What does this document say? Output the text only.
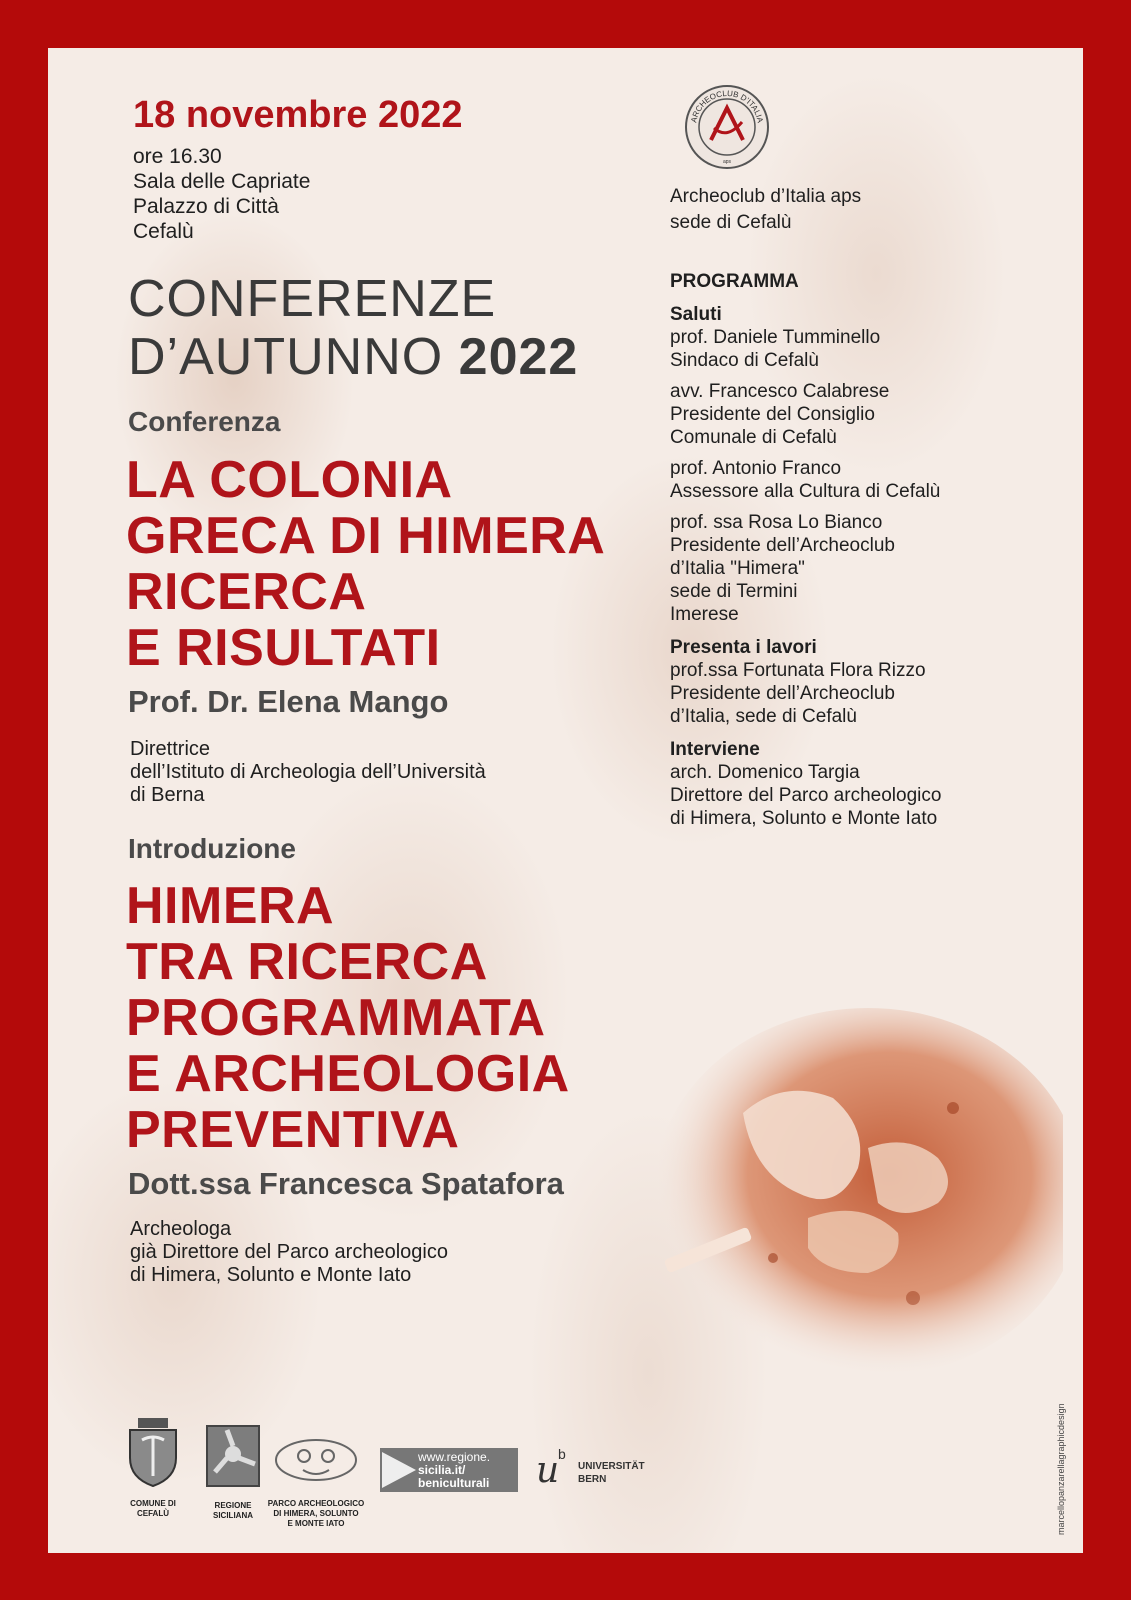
18 novembre 2022
ore 16.30
Sala delle Capriate
Palazzo di Città
Cefalù
CONFERENZE
D’AUTUNNO 2022
Conferenza
LA COLONIA
GRECA DI HIMERA
RICERCA
E RISULTATI
Prof. Dr. Elena Mango
Direttrice
dell’Istituto di Archeologia dell’Università
di Berna
Introduzione
HIMERA
TRA RICERCA
PROGRAMMATA
E ARCHEOLOGIA
PREVENTIVA
Dott.ssa Francesca Spatafora
Archeologa
già Direttore del Parco archeologico
di Himera, Solunto e Monte Iato
ARCHEOCLUB D’ITALIA
aps
Archeoclub d’Italia aps
sede di Cefalù
PROGRAMMA
Saluti
prof. Daniele Tumminello
Sindaco di Cefalù
avv. Francesco Calabrese
Presidente del Consiglio
Comunale di Cefalù
prof. Antonio Franco
Assessore alla Cultura di Cefalù
prof. ssa Rosa Lo Bianco
Presidente dell’Archeoclub
d’Italia "Himera"
sede di Termini
Imerese
Presenta i lavori
prof.ssa Fortunata Flora Rizzo
Presidente dell’Archeoclub
d’Italia, sede di Cefalù
Interviene
arch. Domenico Targia
Direttore del Parco archeologico
di Himera, Solunto e Monte Iato
marcellopanzarellagraphicdesign
COMUNE DI
CEFALÙ
REGIONE
SICILIANA
PARCO ARCHEOLOGICO
DI HIMERA, SOLUNTO
E MONTE IATO
www.regione.
sicilia.it/
beniculturali u
b
UNIVERSITÄT
BERN
